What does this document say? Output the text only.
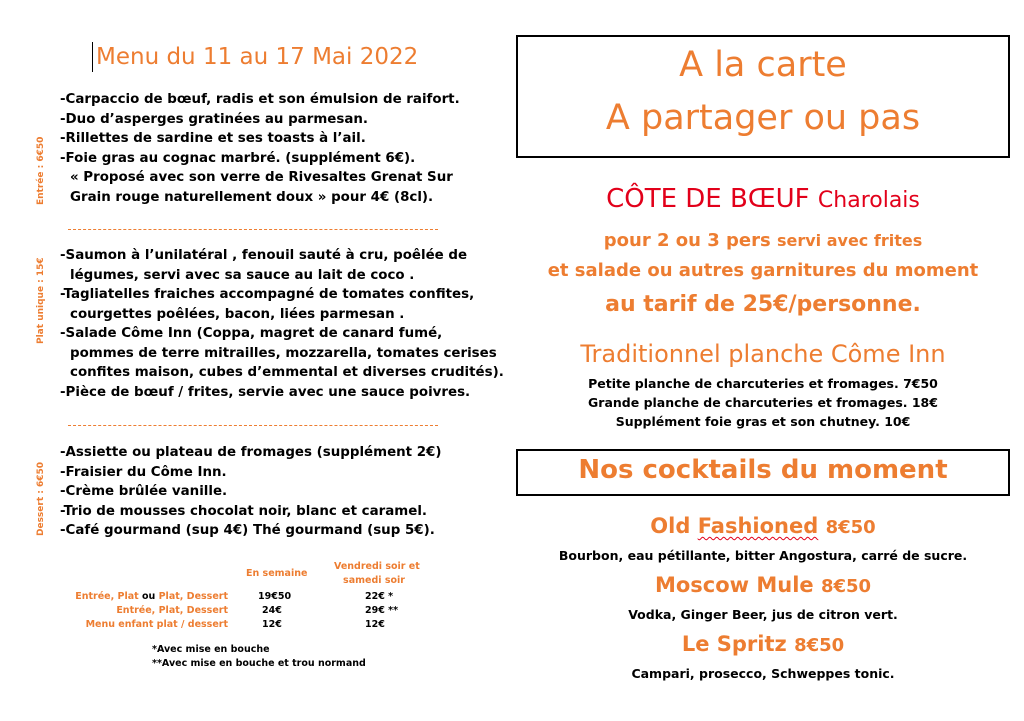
Menu du 11 au 17 Mai 2022
Entrée : 6€50
Plat unique : 15€
Dessert : 6€50
-Carpaccio de bœuf, radis et son émulsion de raifort.
-Duo d’asperges gratinées au parmesan.
-Rillettes de sardine et ses toasts à l’ail.
-Foie gras au cognac marbré. (supplément 6€).
« Proposé avec son verre de Rivesaltes Grenat Sur
Grain rouge naturellement doux » pour 4€ (8cl).
-Saumon à l’unilatéral , fenouil sauté à cru, poêlée de
légumes, servi avec sa sauce au lait de coco .
-Tagliatelles fraiches accompagné de tomates confites,
courgettes poêlées, bacon, liées parmesan .
-Salade Côme Inn (Coppa, magret de canard fumé,
pommes de terre mitrailles, mozzarella, tomates cerises
confites maison, cubes d’emmental et diverses crudités).
-Pièce de bœuf / frites, servie avec une sauce poivres.
-Assiette ou plateau de fromages (supplément 2€)
-Fraisier du Côme Inn.
-Crème brûlée vanille.
-Trio de mousses chocolat noir, blanc et caramel.
-Café gourmand (sup 4€) Thé gourmand (sup 5€).
En semaine
Vendredi soir et
samedi soir
Entrée, Plat ou Plat, Dessert	19€50	22€ *
Entrée, Plat, Dessert	24€	29€ **
Menu enfant plat / dessert	12€	12€
*Avec mise en bouche
**Avec mise en bouche et trou normand
A la carte
A partager ou pas
CÔTE DE BŒUF Charolais
pour 2 ou 3 pers servi avec frites
et salade ou autres garnitures du moment
au tarif de 25€/personne.
Traditionnel planche Côme Inn
Petite planche de charcuteries et fromages. 7€50
Grande planche de charcuteries et fromages. 18€
Supplément foie gras et son chutney. 10€
Nos cocktails du moment
Old Fashioned 8€50
Bourbon, eau pétillante, bitter Angostura, carré de sucre.
Moscow Mule 8€50
Vodka, Ginger Beer, jus de citron vert.
Le Spritz 8€50
Campari, prosecco, Schweppes tonic.
